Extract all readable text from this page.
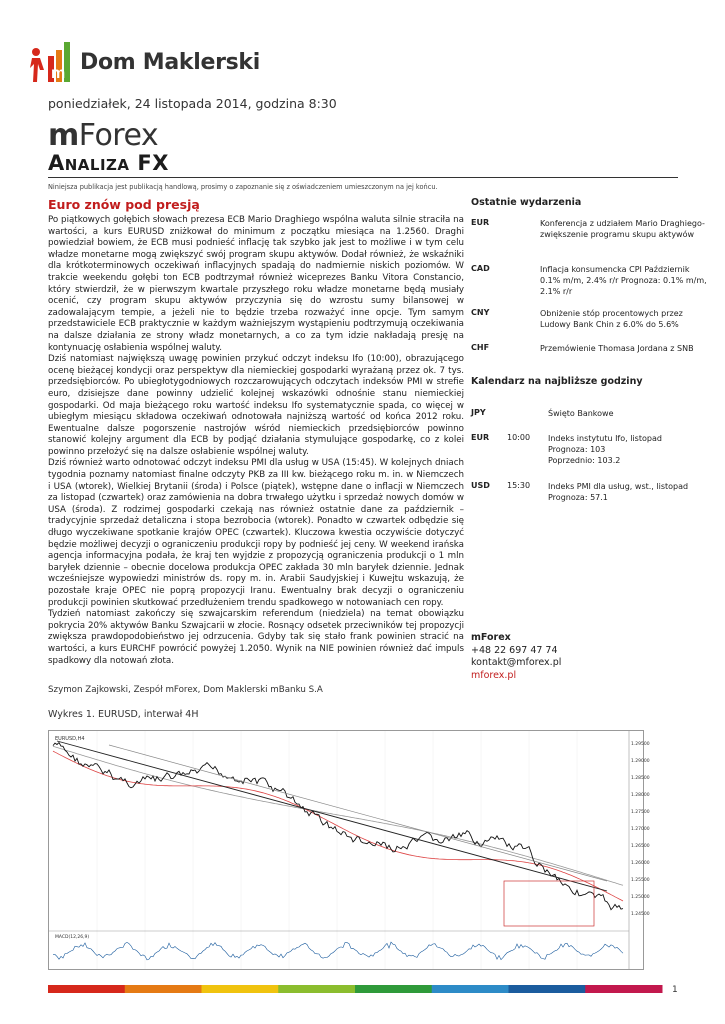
m Dom Maklerski
poniedziałek, 24 listopada 2014, godzina 8:30
mForex
Analiza FX
Niniejsza publikacja jest publikacją handlową, prosimy o zapoznanie się z oświadczeniem umieszczonym na jej końcu.
Euro znów pod presją

Po piątkowych gołębich słowach prezesa ECB Mario Draghiego wspólna waluta silnie straciła na wartości, a kurs EURUSD zniżkował do minimum z początku miesiąca na 1.2560. Draghi powiedział bowiem, że ECB musi podnieść inflację tak szybko jak jest to możliwe i w tym celu władze monetarne mogą zwiększyć swój program skupu aktywów. Dodał również, że wskaźniki dla krótkoterminowych oczekiwań inflacyjnych spadają do nadmiernie niskich poziomów. W trakcie weekendu gołębi ton ECB podtrzymał również wiceprezes Banku Vitora Constancio, który stwierdził, że w pierwszym kwartale przyszłego roku władze monetarne będą musiały ocenić, czy program skupu aktywów przyczynia się do wzrostu sumy bilansowej w zadowalającym tempie, a jeżeli nie to będzie trzeba rozważyć inne opcje. Tym samym przedstawiciele ECB praktycznie w każdym ważniejszym wystąpieniu podtrzymują oczekiwania na dalsze działania ze strony władz monetarnych, a co za tym idzie nakładają presję na kontynuację osłabienia wspólnej waluty.

Dziś natomiast największą uwagę powinien przykuć odczyt indeksu Ifo (10:00), obrazującego ocenę bieżącej kondycji oraz perspektyw dla niemieckiej gospodarki wyrażaną przez ok. 7 tys. przedsiębiorców. Po ubiegłotygodniowych rozczarowujących odczytach indeksów PMI w strefie euro, dzisiejsze dane powinny udzielić kolejnej wskazówki odnośnie stanu niemieckiej gospodarki. Od maja bieżącego roku wartość indeksu Ifo systematycznie spada, co więcej w ubiegłym miesiącu składowa oczekiwań odnotowała najniższą wartość od końca 2012 roku. Ewentualne dalsze pogorszenie nastrojów wśród niemieckich przedsiębiorców powinno stanowić kolejny argument dla ECB by podjąć działania stymulujące gospodarkę, co z kolei powinno przełożyć się na dalsze osłabienie wspólnej waluty.

Dziś również warto odnotować odczyt indeksu PMI dla usług w USA (15:45). W kolejnych dniach tygodnia poznamy natomiast finalne odczyty PKB za III kw. bieżącego roku m. in. w Niemczech i USA (wtorek), Wielkiej Brytanii (środa) i Polsce (piątek), wstępne dane o inflacji w Niemczech za listopad (czwartek) oraz zamówienia na dobra trwałego użytku i sprzedaż nowych domów w USA (środa). Z rodzimej gospodarki czekają nas również ostatnie dane za październik – tradycyjnie sprzedaż detaliczna i stopa bezrobocia (wtorek). Ponadto w czwartek odbędzie się długo wyczekiwane spotkanie krajów OPEC (czwartek). Kluczowa kwestia oczywiście dotyczyć będzie możliwej decyzji o ograniczeniu produkcji ropy by podnieść jej ceny. W weekend irańska agencja informacyjna podała, że kraj ten wyjdzie z propozycją ograniczenia produkcji o 1 mln baryłek dziennie – obecnie docelowa produkcja OPEC zakłada 30 mln baryłek dziennie. Jednak wcześniejsze wypowiedzi ministrów ds. ropy m. in. Arabii Saudyjskiej i Kuwejtu wskazują, że pozostałe kraje OPEC nie poprą propozycji Iranu. Ewentualny brak decyzji o ograniczeniu produkcji powinien skutkować przedłużeniem trendu spadkowego w notowaniach cen ropy.

Tydzień natomiast zakończy się szwajcarskim referendum (niedziela) na temat obowiązku pokrycia 20% aktywów Banku Szwajcarii w złocie. Rosnący odsetek przeciwników tej propozycji zwiększa prawdopodobieństwo jej odrzucenia. Gdyby tak się stało frank powinien stracić na wartości, a kurs EURCHF powrócić powyżej 1.2050. Wynik na NIE powinien również dać impuls spadkowy dla notowań złota.

Szymon Zajkowski, Zespół mForex, Dom Maklerski mBanku S.A
Ostatnie wydarzenia
EUR	Konferencja z udziałem Mario Draghiego- zwiększenie programu skupu aktywów
CAD	Inflacja konsumencka CPI Październik 0.1% m/m, 2.4% r/r Prognoza: 0.1% m/m, 2.1% r/r
CNY	Obniżenie stóp procentowych przez Ludowy Bank Chin z 6.0% do 5.6%
CHF	Przemówienie Thomasa Jordana z SNB
Kalendarz na najbliższe godziny
JPY	Święto Bankowe
EUR 10:00 Indeks instytutu Ifo, listopad
Prognoza: 103
Poprzednio: 103.2
USD 15:30 Indeks PMI dla usług, wst., listopad
Prognoza: 57.1
mForex
+48 22 697 47 74
kontakt@mforex.pl
mforex.pl
Wykres 1. EURUSD, interwał 4H
EURUSD,H4
MACD(12,26,9)
1.29500
1.29000
1.28500
1.28000
1.27500
1.27000
1.26500
1.26000
1.25500
1.25000
1.24500
1
